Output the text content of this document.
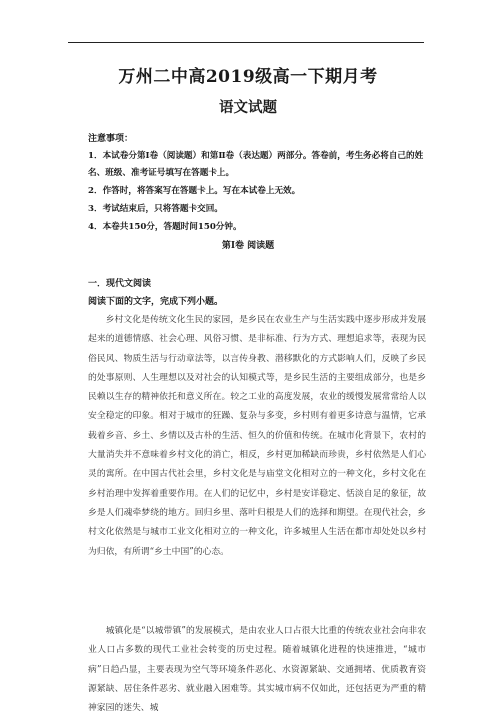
万州二中高2019级高一下期月考
语文试题
注意事项：
1．本试卷分第Ⅰ卷（阅读题）和第Ⅱ卷（表达题）两部分。答卷前，考生务必将自己的姓名、班级、准考证号填写在答题卡上。
2．作答时，将答案写在答题卡上。写在本试卷上无效。
3．考试结束后，只将答题卡交回。
4．本卷共150分，答题时间150分钟。
第Ⅰ卷 阅读题
一．现代文阅读
阅读下面的文字，完成下列小题。
乡村文化是传统文化生民的家园，是乡民在农业生产与生活实践中逐步形成并发展起来的道德情感、社会心理、风俗习惯、是非标准、行为方式、理想追求等，表现为民俗民风、物质生活与行动章法等，以言传身教、潜移默化的方式影响人们，反映了乡民的处事原则、人生理想以及对社会的认知模式等，是乡民生活的主要组成部分，也是乡民赖以生存的精神依托和意义所在。较之工业的高度发展，农业的缓慢发展常常给人以安全稳定的印象。相对于城市的狂躁、复杂与多变，乡村则有着更多诗意与温情，它承载着乡音、乡土、乡情以及古朴的生活、恒久的价值和传统。在城市化背景下，农村的大量消失并不意味着乡村文化的消亡，相反，乡村更加稀缺而珍贵，乡村依然是人们心灵的寓所。在中国古代社会里，乡村文化是与庙堂文化相对立的一种文化，乡村文化在乡村治理中发挥着重要作用。在人们的记忆中，乡村是安详稳定、恬淡自足的象征，故乡是人们魂牵梦绕的地方。回归乡里、落叶归根是人们的选择和期望。在现代社会，乡村文化依然是与城市工业文化相对立的一种文化，许多城里人生活在都市却处处以乡村为归依，有所谓“乡土中国”的心态。
城镇化是“以城带镇”的发展模式，是由农业人口占很大比重的传统农业社会向非农业人口占多数的现代工业社会转变的历史过程。随着城镇化进程的快速推进，“城市病”日趋凸显，主要表现为空气等环境条件恶化、水资源紧缺、交通拥堵、优质教育资源紧缺、居住条件恶劣、就业融入困难等。其实城市病不仅如此，还包括更为严重的精神家园的迷失、城
